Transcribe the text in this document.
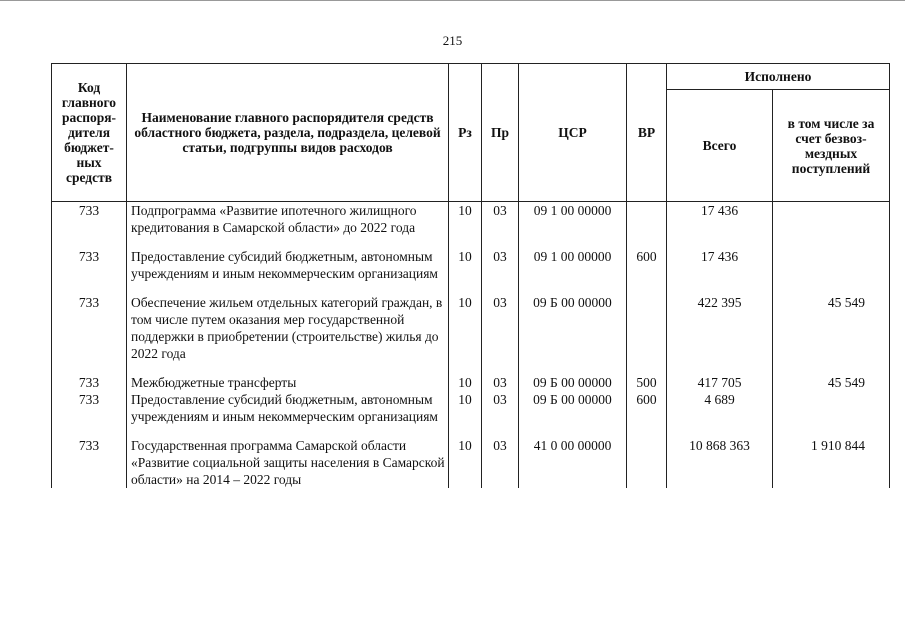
215
Код главного распоря-дителя бюджет-ных средств	Наименование главного распорядителя средств областного бюджета, раздела, подраздела, целевой статьи, подгруппы видов расходов	Рз	Пр	ЦСР	ВР	Исполнено	
						Всего	в том числе за счет безвоз-мездных поступлений
733	Подпрограмма «Развитие ипотечного жилищного кредитования в Самарской области» до 2022 года	10	03	09 1 00 00000		17 436	

733	Предоставление субсидий бюджетным, автономным учреждениям и иным некоммерческим организациям	10	03	09 1 00 00000	600	17 436	

733	Обеспечение жильем отдельных категорий граждан, в том числе путем оказания мер государственной поддержки в приобретении (строительстве) жилья до 2022 года	10	03	09 Б 00 00000		422 395	45 549

733	Межбюджетные трансферты	10	03	09 Б 00 00000	500	417 705	45 549
733	Предоставление субсидий бюджетным, автономным учреждениям и иным некоммерческим организациям	10	03	09 Б 00 00000	600	4 689	

733	Государственная программа Самарской области «Развитие социальной защиты населения в Самарской области» на 2014 – 2022 годы	10	03	41 0 00 00000		10 868 363	1 910 844
